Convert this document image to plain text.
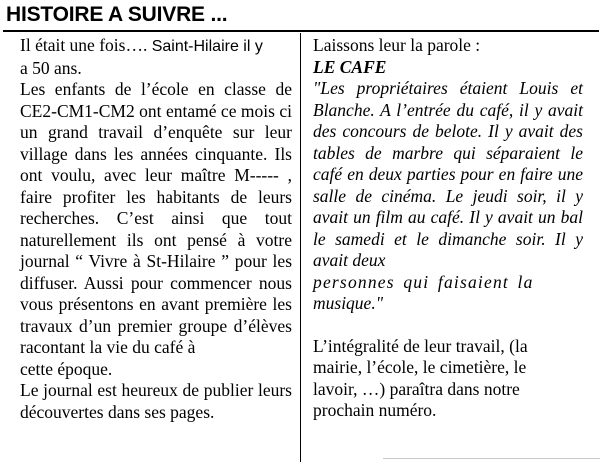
HISTOIRE A SUIVRE ...

Il était une fois…. Saint-Hilaire il y

a 50 ans.

Les enfants de l’école en classe de CE2-CM1-CM2 ont entamé ce mois ci un grand travail d’enquête sur leur village dans les années cinquante. Ils ont voulu, avec leur maître M----- , faire profiter les habitants de leurs recherches. C’est ainsi que tout naturellement ils ont pensé à votre journal “ Vivre à St-Hilaire ” pour les diffuser. Aussi pour commencer nous vous présentons en avant première les travaux d’un premier groupe d’élèves racontant la vie du café à

cette époque.

Le journal est heureux de publier leurs découvertes dans ses pages.

Laissons leur la parole :

LE CAFE

"Les propriétaires étaient Louis et Blanche. A l’entrée du café, il y avait des concours de belote. Il y avait des tables de marbre qui séparaient le café en deux parties pour en faire une salle de cinéma. Le jeudi soir, il y avait un film au café. Il y avait un bal le samedi et le dimanche soir. Il y avait deux

personnes qui faisaient la

musique."

L’intégralité de leur travail, (la

mairie, l’école, le cimetière, le

lavoir, …) paraîtra dans notre

prochain numéro.
